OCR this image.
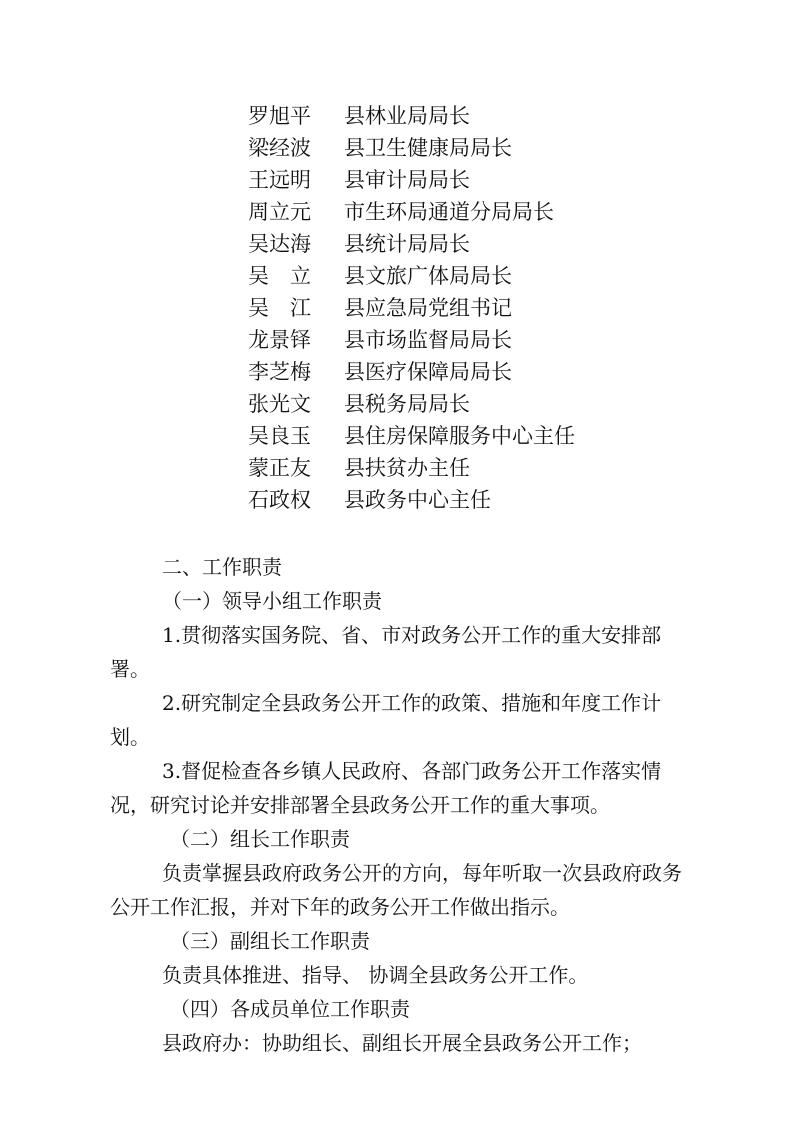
罗旭平 县林业局局长
梁经波 县卫生健康局局长
王远明 县审计局局长
周立元 市生环局通道分局局长
吴达海 县统计局局长
吴　立 县文旅广体局局长
吴　江 县应急局党组书记
龙景铎 县市场监督局局长
李芝梅 县医疗保障局局长
张光文 县税务局局长
吴良玉 县住房保障服务中心主任
蒙正友 县扶贫办主任
石政权 县政务中心主任

二、工作职责

（一）领导小组工作职责

1.贯彻落实国务院、省、市对政务公开工作的重大安排部署。

2.研究制定全县政务公开工作的政策、措施和年度工作计划。

3.督促检查各乡镇人民政府、各部门政务公开工作落实情况，研究讨论并安排部署全县政务公开工作的重大事项。

（二）组长工作职责

负责掌握县政府政务公开的方向，每年听取一次县政府政务公开工作汇报，并对下年的政务公开工作做出指示。

（三）副组长工作职责

负责具体推进、指导、 协调全县政务公开工作。

（四）各成员单位工作职责

县政府办：协助组长、副组长开展全县政务公开工作；
